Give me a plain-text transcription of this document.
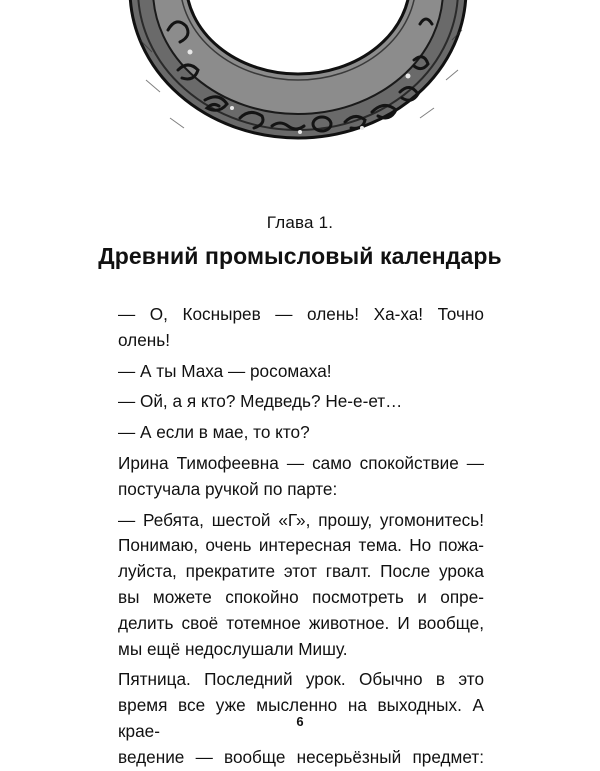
Глава 1.
Древний промысловый календарь
— О, Коснырев — олень! Ха-ха! Точно
олень!
— А ты Маха — росомаха!
— Ой, а я кто? Медведь? Не-е-ет…
— А если в мае, то кто?
Ирина Тимофеевна — само спокойствие —
постучала ручкой по парте:
— Ребята, шестой «Г», прошу, угомонитесь!
Понимаю, очень интересная тема. Но пожа-
луйста, прекратите этот гвалт. После урока
вы можете спокойно посмотреть и опре-
делить своё тотемное животное. И вообще,
мы ещё недослушали Мишу.
Пятница. Последний урок. Обычно в это
время все уже мысленно на выходных. А крае-
ведение — вообще несерьёзный предмет:
6
